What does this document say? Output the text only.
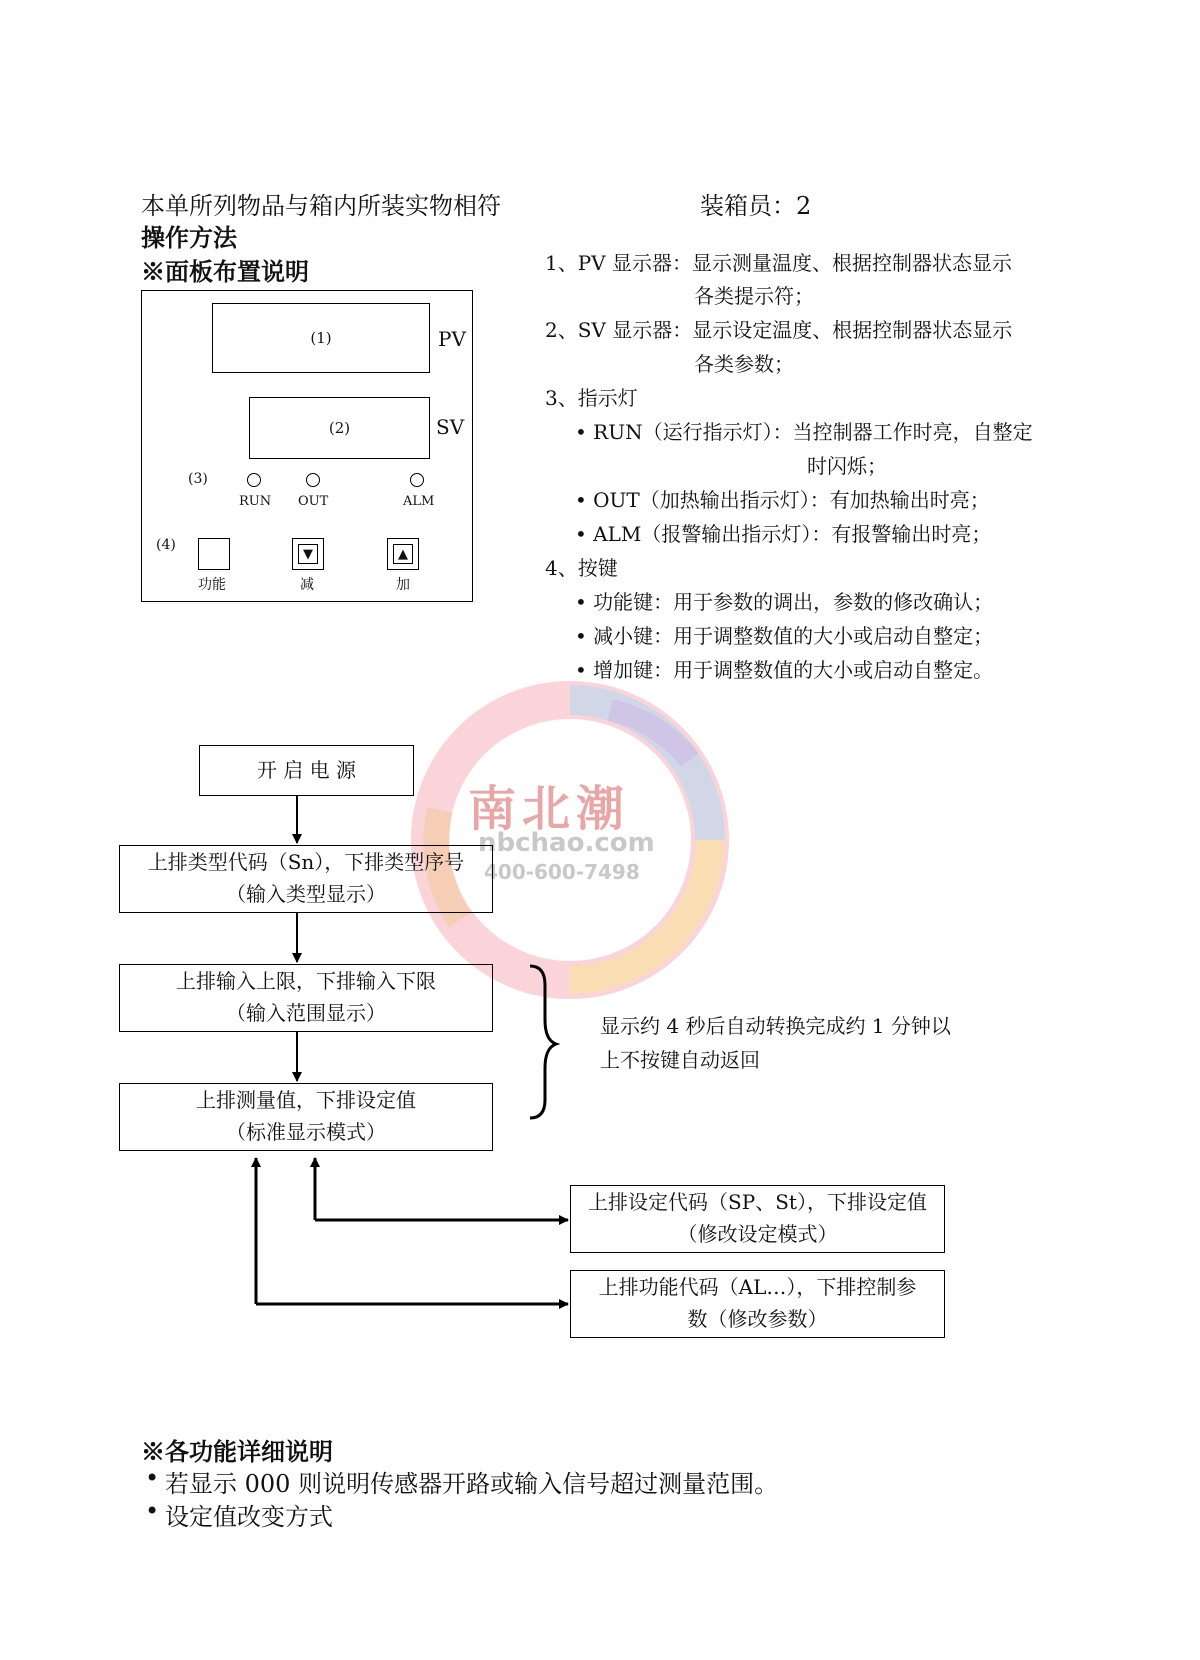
南北潮
nbchao.com
400-600-7498
本单所列物品与箱内所装实物相符	装箱员：2
操作方法
※面板布置说明
(1)	PV
(2)	SV
(3)
RUN OUT	ALM
(4)
功能
▼
减
▲
加
1、PV 显示器：显示测量温度、根据控制器状态显示
各类提示符；
2、SV 显示器：显示设定温度、根据控制器状态显示
各类参数；
3、指示灯
• RUN（运行指示灯）：当控制器工作时亮，自整定
时闪烁；
• OUT（加热输出指示灯）：有加热输出时亮；
• ALM（报警输出指示灯）：有报警输出时亮；
4、按键
• 功能键：用于参数的调出，参数的修改确认；
• 减小键：用于调整数值的大小或启动自整定；
• 增加键：用于调整数值的大小或启动自整定。
开 启 电 源
上排类型代码（Sn），下排类型序号
（输入类型显示）
上排输入上限，下排输入下限
（输入范围显示）
上排测量值，下排设定值
（标准显示模式）
上排设定代码（SP、St），下排设定值
（修改设定模式）
上排功能代码（AL…），下排控制参
数（修改参数）
显示约 4 秒后自动转换完成约 1 分钟以
上不按键自动返回
※各功能详细说明
• 若显示 000 则说明传感器开路或输入信号超过测量范围。
• 设定值改变方式
